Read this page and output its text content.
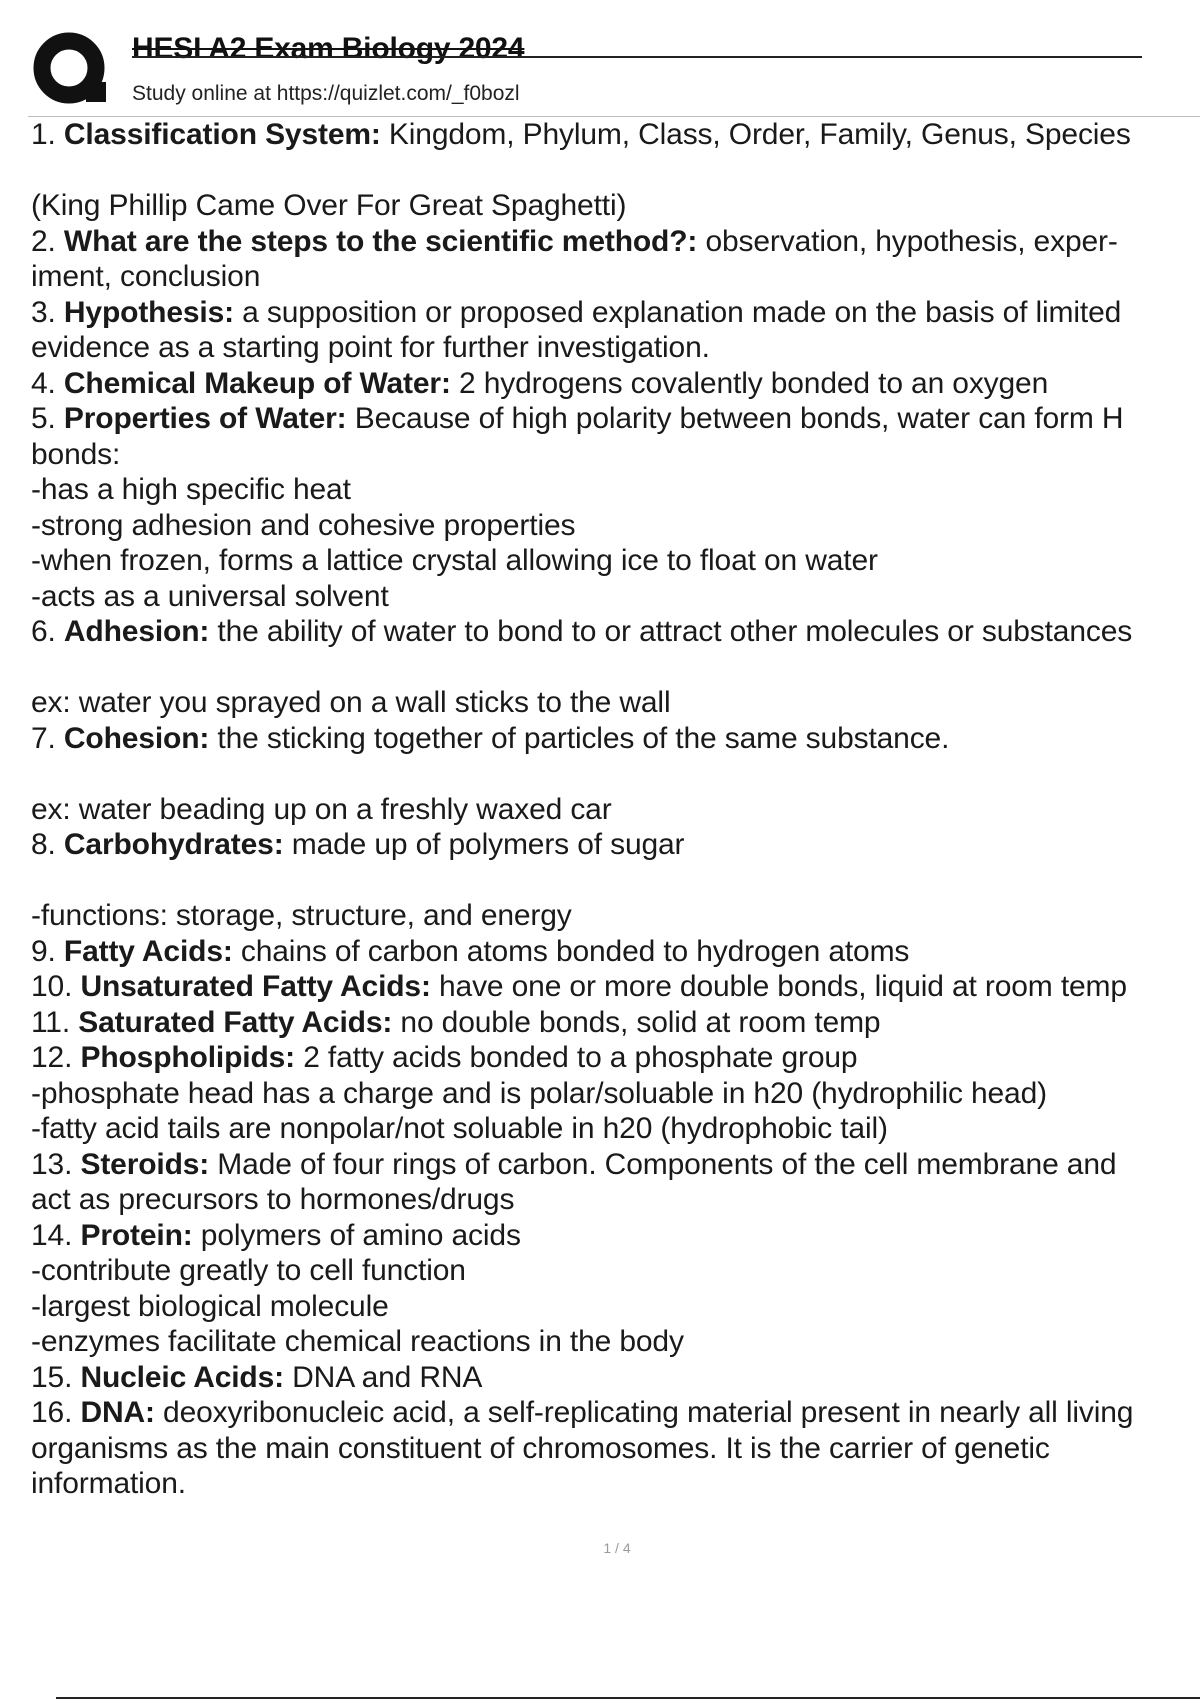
HESI A2 Exam Biology 2024
Study online at https://quizlet.com/_f0bozl
1. Classification System: Kingdom, Phylum, Class, Order, Family, Genus, Species
(King Phillip Came Over For Great Spaghetti)
2. What are the steps to the scientific method?: observation, hypothesis, exper-
iment, conclusion
3. Hypothesis: a supposition or proposed explanation made on the basis of limited
evidence as a starting point for further investigation.
4. Chemical Makeup of Water: 2 hydrogens covalently bonded to an oxygen
5. Properties of Water: Because of high polarity between bonds, water can form H
bonds:
-has a high specific heat
-strong adhesion and cohesive properties
-when frozen, forms a lattice crystal allowing ice to float on water
-acts as a universal solvent
6. Adhesion: the ability of water to bond to or attract other molecules or substances
ex: water you sprayed on a wall sticks to the wall
7. Cohesion: the sticking together of particles of the same substance.
ex: water beading up on a freshly waxed car
8. Carbohydrates: made up of polymers of sugar
-functions: storage, structure, and energy
9. Fatty Acids: chains of carbon atoms bonded to hydrogen atoms
10. Unsaturated Fatty Acids: have one or more double bonds, liquid at room temp
11. Saturated Fatty Acids: no double bonds, solid at room temp
12. Phospholipids: 2 fatty acids bonded to a phosphate group
-phosphate head has a charge and is polar/soluable in h20 (hydrophilic head)
-fatty acid tails are nonpolar/not soluable in h20 (hydrophobic tail)
13. Steroids: Made of four rings of carbon. Components of the cell membrane and
act as precursors to hormones/drugs
14. Protein: polymers of amino acids
-contribute greatly to cell function
-largest biological molecule
-enzymes facilitate chemical reactions in the body
15. Nucleic Acids: DNA and RNA
16. DNA: deoxyribonucleic acid, a self-replicating material present in nearly all living
organisms as the main constituent of chromosomes. It is the carrier of genetic
information.
1 / 4
